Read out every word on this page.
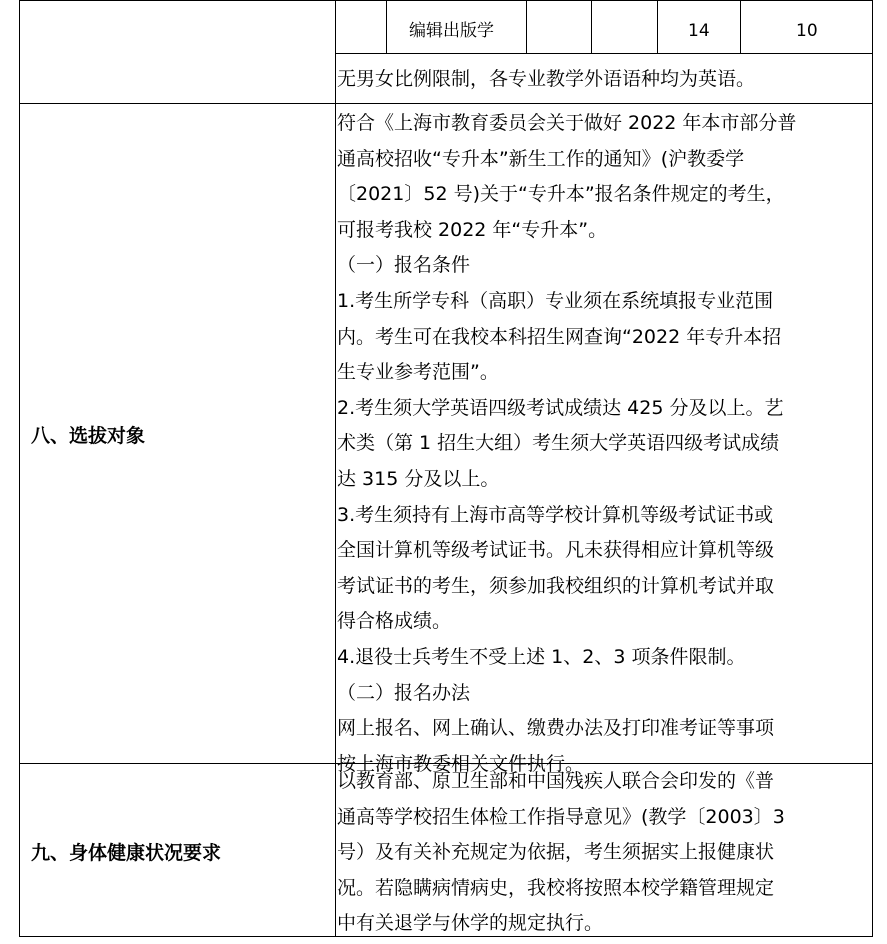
编辑出版学	14	10
无男女比例限制，各专业教学外语语种均为英语。
八、选拔对象
符合《上海市教育委员会关于做好 2022 年本市部分普
通高校招收“专升本”新生工作的通知》(沪教委学
〔2021〕52 号)关于“专升本”报名条件规定的考生，
可报考我校 2022 年“专升本”。
（一）报名条件
1.考生所学专科（高职）专业须在系统填报专业范围
内。考生可在我校本科招生网查询“2022 年专升本招
生专业参考范围”。
2.考生须大学英语四级考试成绩达 425 分及以上。艺
术类（第 1 招生大组）考生须大学英语四级考试成绩
达 315 分及以上。
3.考生须持有上海市高等学校计算机等级考试证书或
全国计算机等级考试证书。凡未获得相应计算机等级
考试证书的考生，须参加我校组织的计算机考试并取
得合格成绩。
4.退役士兵考生不受上述 1、2、3 项条件限制。
（二）报名办法
网上报名、网上确认、缴费办法及打印准考证等事项
按上海市教委相关文件执行。
九、身体健康状况要求
以教育部、原卫生部和中国残疾人联合会印发的《普
通高等学校招生体检工作指导意见》(教学〔2003〕3
号）及有关补充规定为依据，考生须据实上报健康状
况。若隐瞒病情病史，我校将按照本校学籍管理规定
中有关退学与休学的规定执行。
